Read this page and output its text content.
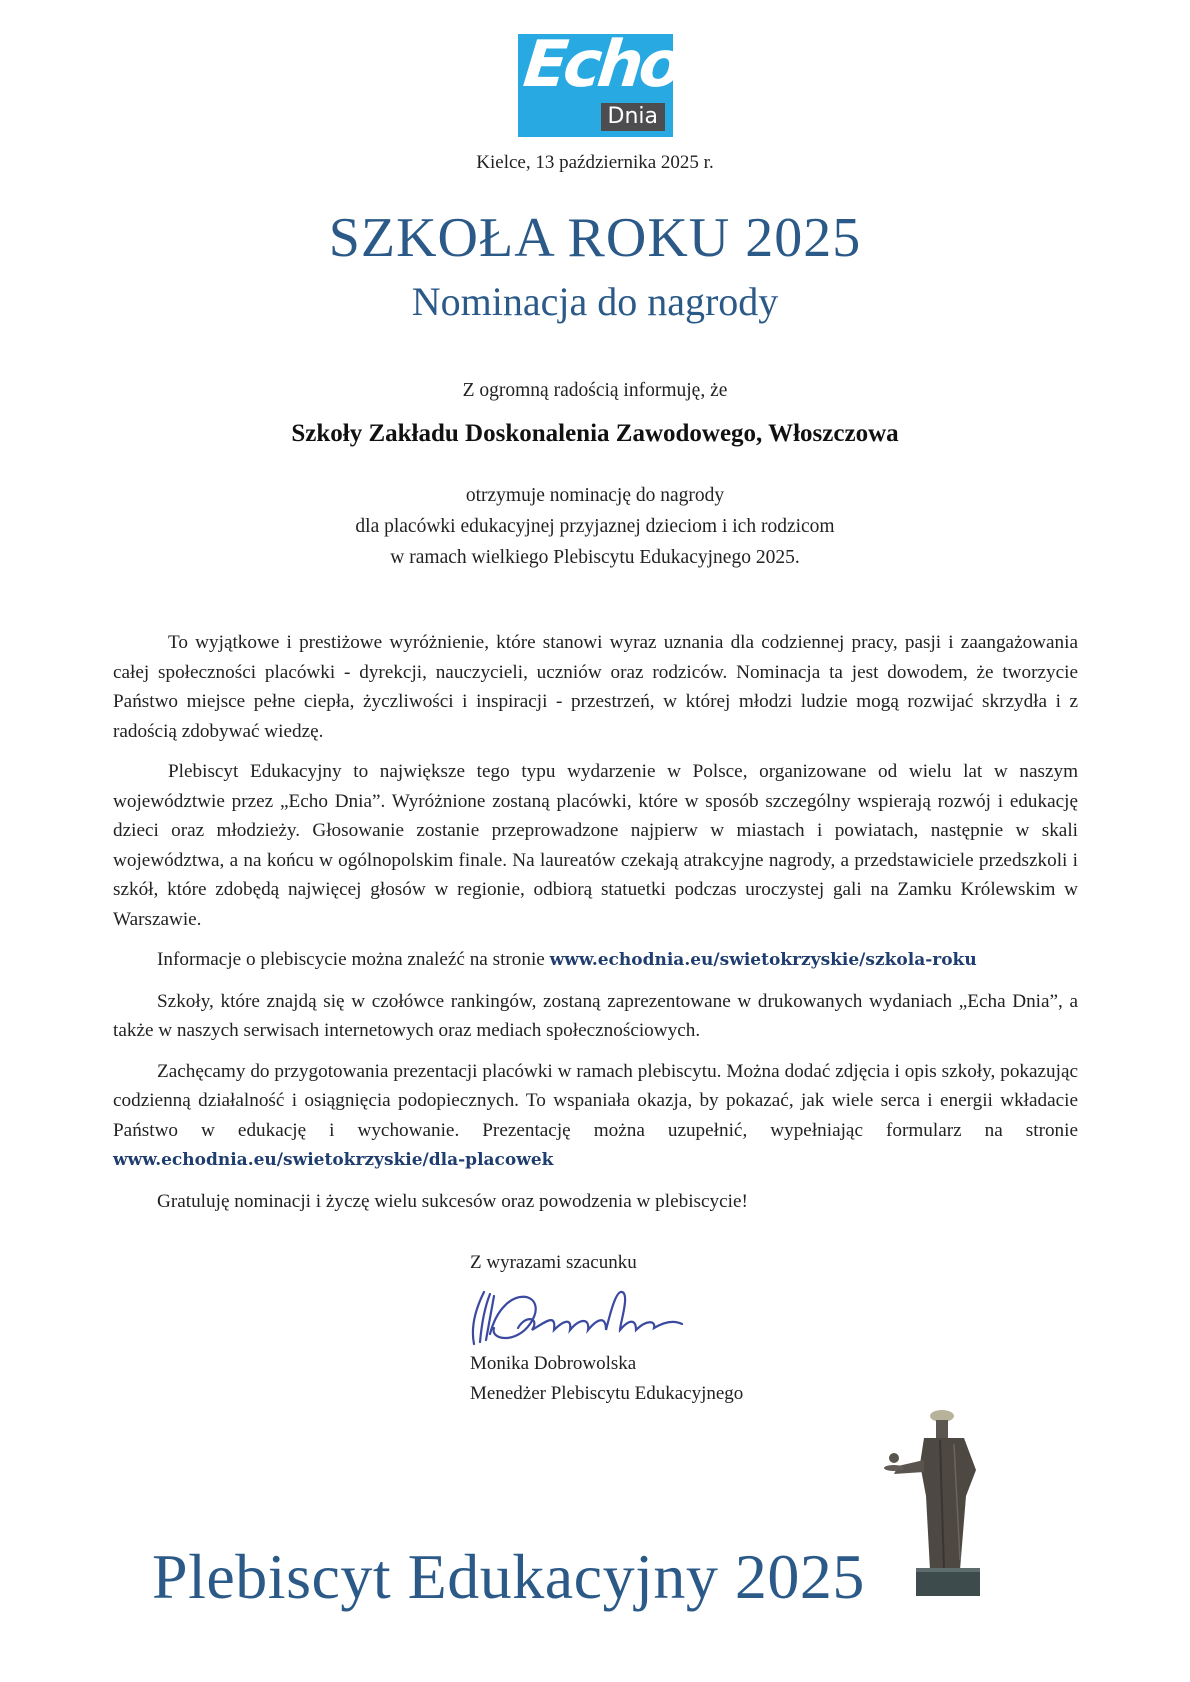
Echo
Dnia
Kielce, 13 października 2025 r.
SZKOŁA ROKU 2025
Nominacja do nagrody
Z ogromną radością informuję, że
Szkoły Zakładu Doskonalenia Zawodowego, Włoszczowa
otrzymuje nominację do nagrody
dla placówki edukacyjnej przyjaznej dzieciom i ich rodzicom
w ramach wielkiego Plebiscytu Edukacyjnego 2025.

To wyjątkowe i prestiżowe wyróżnienie, które stanowi wyraz uznania dla codziennej pracy, pasji i zaangażowania całej społeczności placówki - dyrekcji, nauczycieli, uczniów oraz rodziców. Nominacja ta jest dowodem, że tworzycie Państwo miejsce pełne ciepła, życzliwości i inspiracji - przestrzeń, w której młodzi ludzie mogą rozwijać skrzydła i z radością zdobywać wiedzę.

Plebiscyt Edukacyjny to największe tego typu wydarzenie w Polsce, organizowane od wielu lat w naszym województwie przez „Echo Dnia”. Wyróżnione zostaną placówki, które w sposób szczególny wspierają rozwój i edukację dzieci oraz młodzieży. Głosowanie zostanie przeprowadzone najpierw w miastach i powiatach, następnie w skali województwa, a na końcu w ogólnopolskim finale. Na laureatów czekają atrakcyjne nagrody, a przedstawiciele przedszkoli i szkół, które zdobędą najwięcej głosów w regionie, odbiorą statuetki podczas uroczystej gali na Zamku Królewskim w Warszawie.

Informacje o plebiscycie można znaleźć na stronie www.echodnia.eu/swietokrzyskie/szkola-roku

Szkoły, które znajdą się w czołówce rankingów, zostaną zaprezentowane w drukowanych wydaniach „Echa Dnia”, a także w naszych serwisach internetowych oraz mediach społecznościowych.

Zachęcamy do przygotowania prezentacji placówki w ramach plebiscytu. Można dodać zdjęcia i opis szkoły, pokazując codzienną działalność i osiągnięcia podopiecznych. To wspaniała okazja, by pokazać, jak wiele serca i energii wkładacie Państwo w edukację i wychowanie. Prezentację można uzupełnić, wypełniając formularz na stronie www.echodnia.eu/swietokrzyskie/dla-placowek

Gratuluję nominacji i życzę wielu sukcesów oraz powodzenia w plebiscycie!

Z wyrazami szacunku
Monika Dobrowolska
Menedżer Plebiscytu Edukacyjnego
Plebiscyt Edukacyjny 2025
